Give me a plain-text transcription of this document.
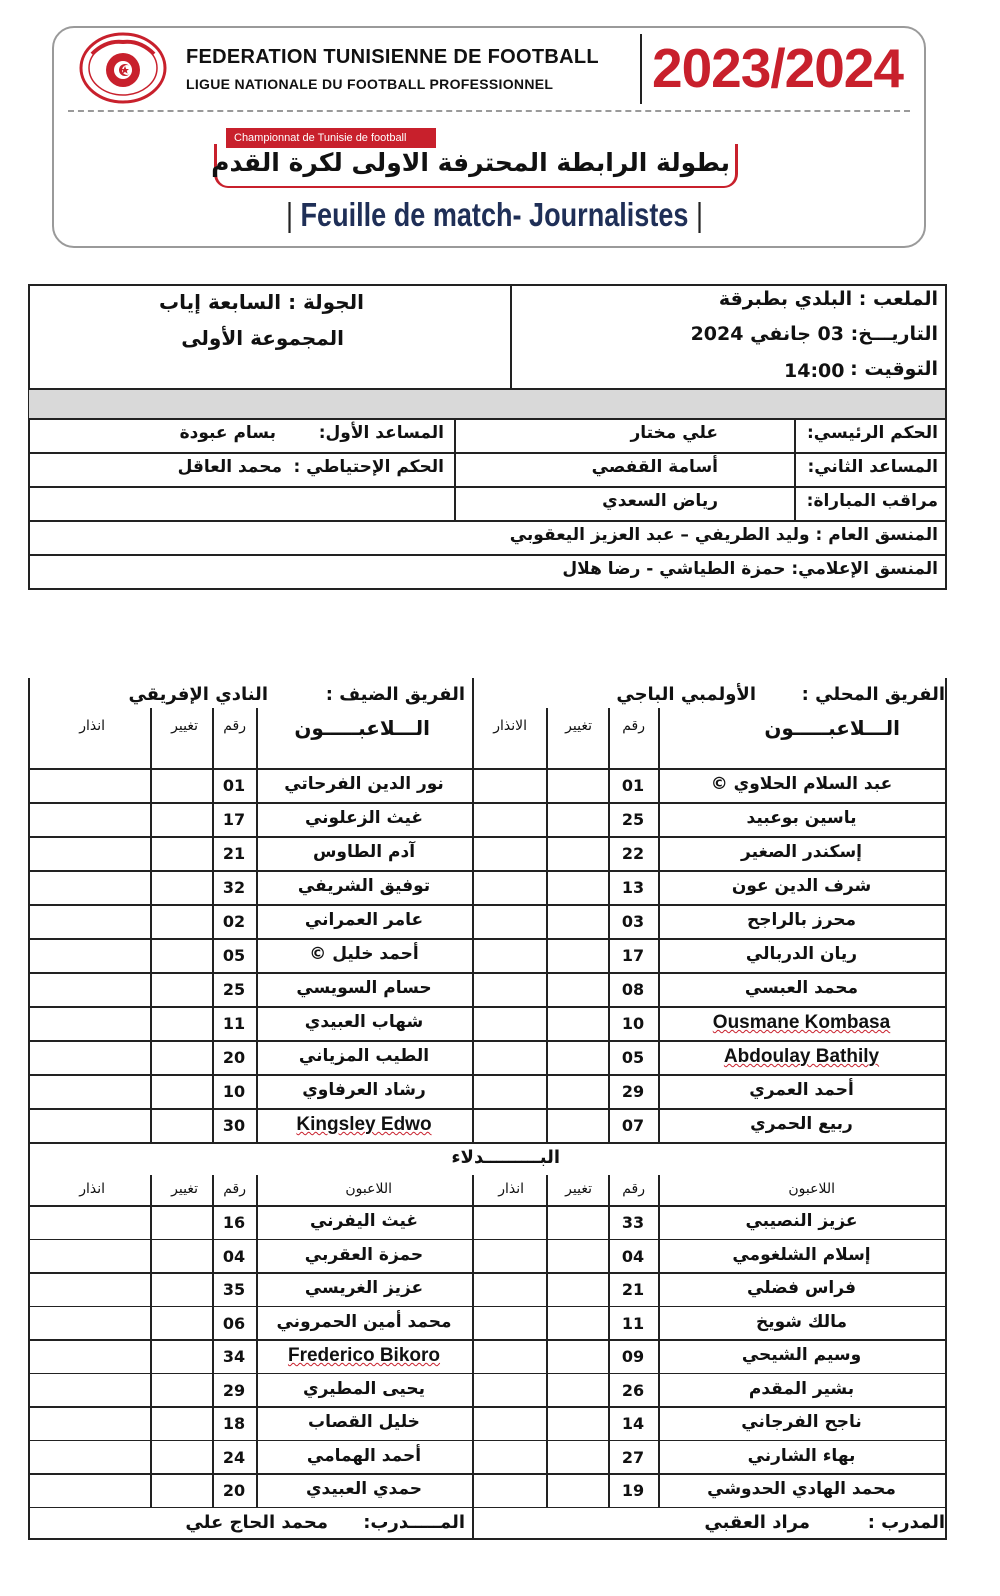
FEDERATION TUNISIENNE DE FOOTBALL
LIGUE NATIONALE DU FOOTBALL PROFESSIONNEL 2023/2024
Championnat de Tunisie de football
بطولة الرابطة المحترفة الاولى لكرة القدم
| Feuille de match- Journalistes |
الملعب : البلدي بطبرقة
التاريـــخ: 03 جانفي 2024
التوقيت :
14:00
الجولة : السابعة إياب
المجموعة الأولى
الحكم الرئيسي:
علي مختار
المساعد الأول:
بسام عبودة
المساعد الثاني:
أسامة القفصي
الحكم الإحتياطي :
محمد العاقل
مراقب المباراة:
رياض السعدي
المنسق العام : وليد الطريفي – عبد العزيز اليعقوبي
المنسق الإعلامي: حمزة الطياشي - رضا هلال
الفريق المحلي :
الأولمبي الباجي
الفريق الضيف :
النادي الإفريقي
الـــلاعبـــــون
رقم
تغيير
الانذار
الـــلاعبـــــون
رقم
تغيير
انذار
البـــــــــدلاء
اللاعبون
رقم
تغيير
انذار
اللاعبون
رقم
تغيير
انذار
عبد السلام الحلاوي ©
01
ياسين بوعبيد
25
إسكندر الصغير
22
شرف الدين عون
13
محرز بالراجح
03
ريان الدربالي
17
محمد العبسي
08
Ousmane Kombasa
10
Abdoulay Bathily
05
أحمد العمري
29
ربيع الحمري
07
نور الدين الفرحاتي
01
غيث الزعلوني
17
آدم الطاوس
21
توفيق الشريفي
32
عامر العمراني
02
أحمد خليل ©
05
حسام السويسي
25
شهاب العبيدي
11
الطيب المزياني
20
رشاد العرفاوي
10
Kingsley Edwo
30
عزيز النصيبي
33
إسلام الشلغومي
04
فراس فضلي
21
مالك شويخ
11
وسيم الشيحي
09
بشير المقدم
26
ناجح الفرجاني
14
بهاء الشارني
27
محمد الهادي الحدوشي
19
غيث اليفرني
16
حمزة العقربي
04
عزيز الغريسي
35
محمد أمين الحمروني
06
Frederico Bikoro
34
يحيى المطيري
29
خليل القصاب
18
أحمد الهمامي
24
حمدي العبيدي
20
المدرب :
مراد العقبي
المـــــدرب:
محمد الحاج علي
